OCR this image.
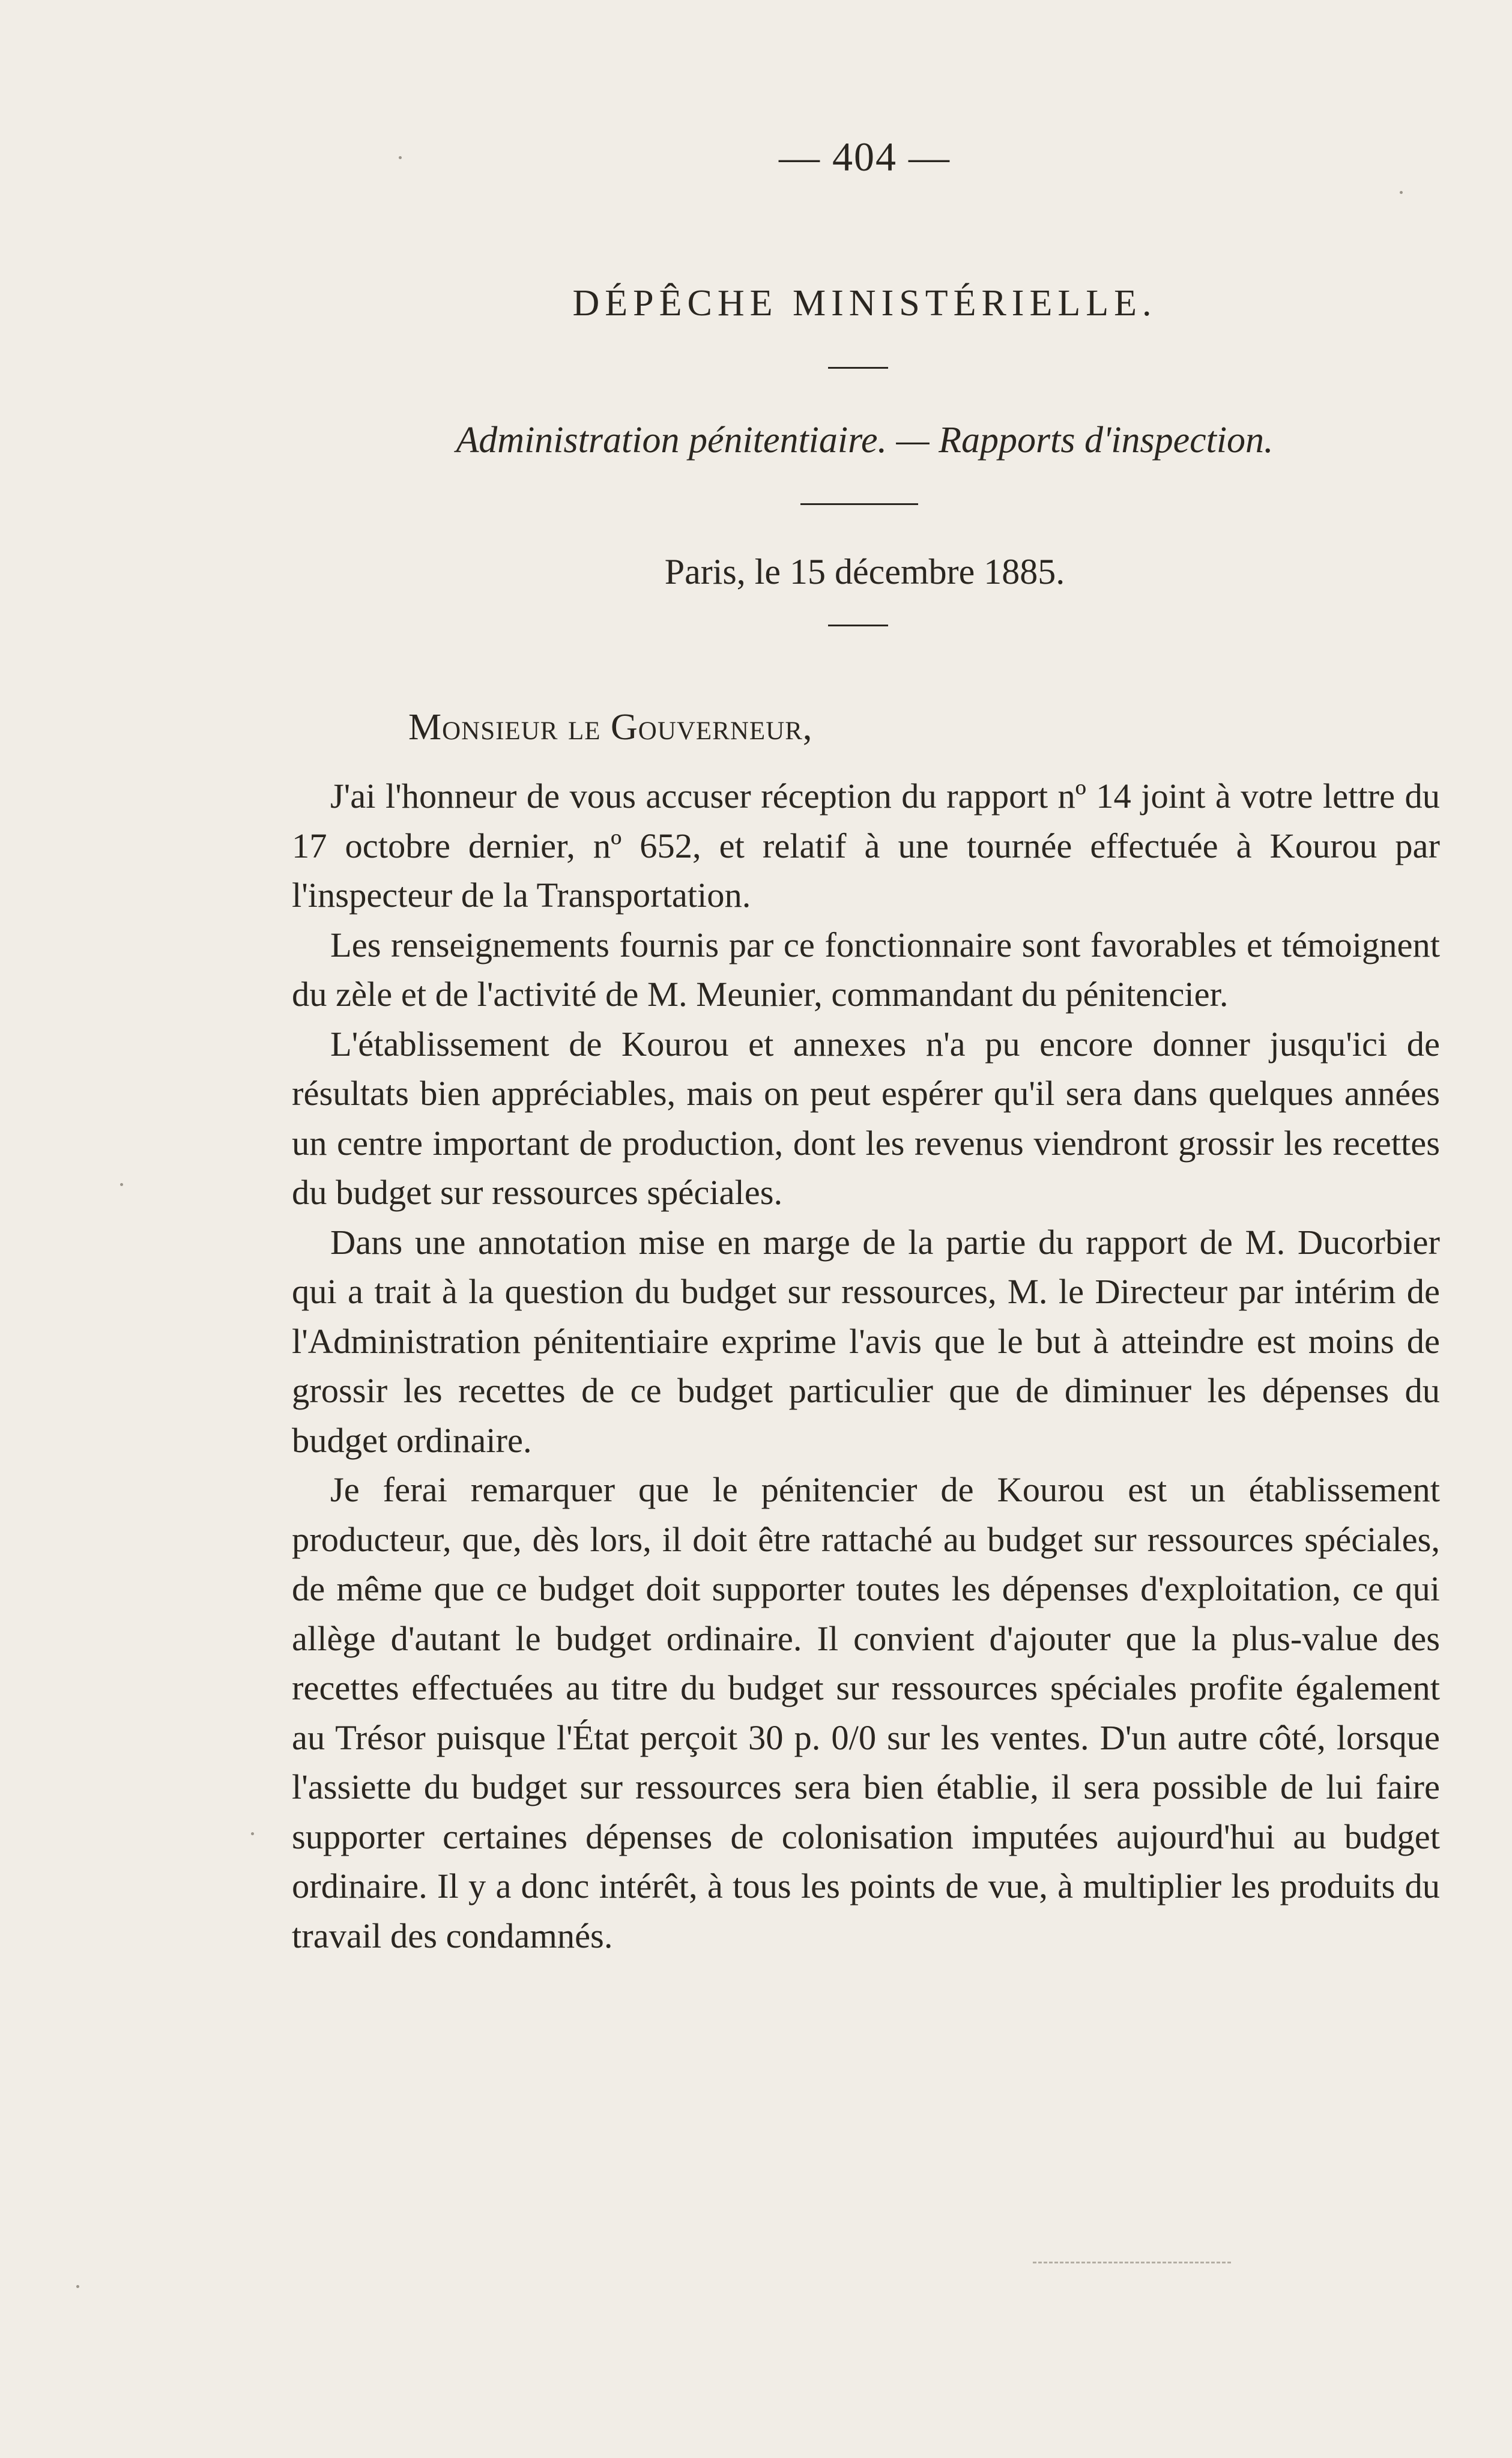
— 404 —
DÉPÊCHE MINISTÉRIELLE.
Administration pénitentiaire. — Rapports d'inspection.
Paris, le 15 décembre 1885.
Monsieur le Gouverneur,

J'ai l'honneur de vous accuser réception du rapport nº 14 joint à votre lettre du 17 octobre dernier, nº 652, et relatif à une tournée effectuée à Kourou par l'inspecteur de la Transportation.

Les renseignements fournis par ce fonctionnaire sont favorables et témoignent du zèle et de l'activité de M. Meunier, commandant du pénitencier.

L'établissement de Kourou et annexes n'a pu encore donner jusqu'ici de résultats bien appréciables, mais on peut espérer qu'il sera dans quelques années un centre important de production, dont les revenus viendront grossir les recettes du budget sur ressources spéciales.

Dans une annotation mise en marge de la partie du rapport de M. Ducorbier qui a trait à la question du budget sur ressources, M. le Directeur par intérim de l'Administration pénitentiaire exprime l'avis que le but à atteindre est moins de grossir les recettes de ce budget particulier que de diminuer les dépenses du budget ordinaire.

Je ferai remarquer que le pénitencier de Kourou est un établissement producteur, que, dès lors, il doit être rattaché au budget sur ressources spéciales, de même que ce budget doit supporter toutes les dépenses d'exploitation, ce qui allège d'autant le budget ordinaire. Il convient d'ajouter que la plus-value des recettes effectuées au titre du budget sur ressources spéciales profite également au Trésor puisque l'État perçoit 30 p. 0/0 sur les ventes. D'un autre côté, lorsque l'assiette du budget sur ressources sera bien établie, il sera possible de lui faire supporter certaines dépenses de colonisation imputées aujourd'hui au budget ordinaire. Il y a donc intérêt, à tous les points de vue, à multiplier les produits du travail des condamnés.
